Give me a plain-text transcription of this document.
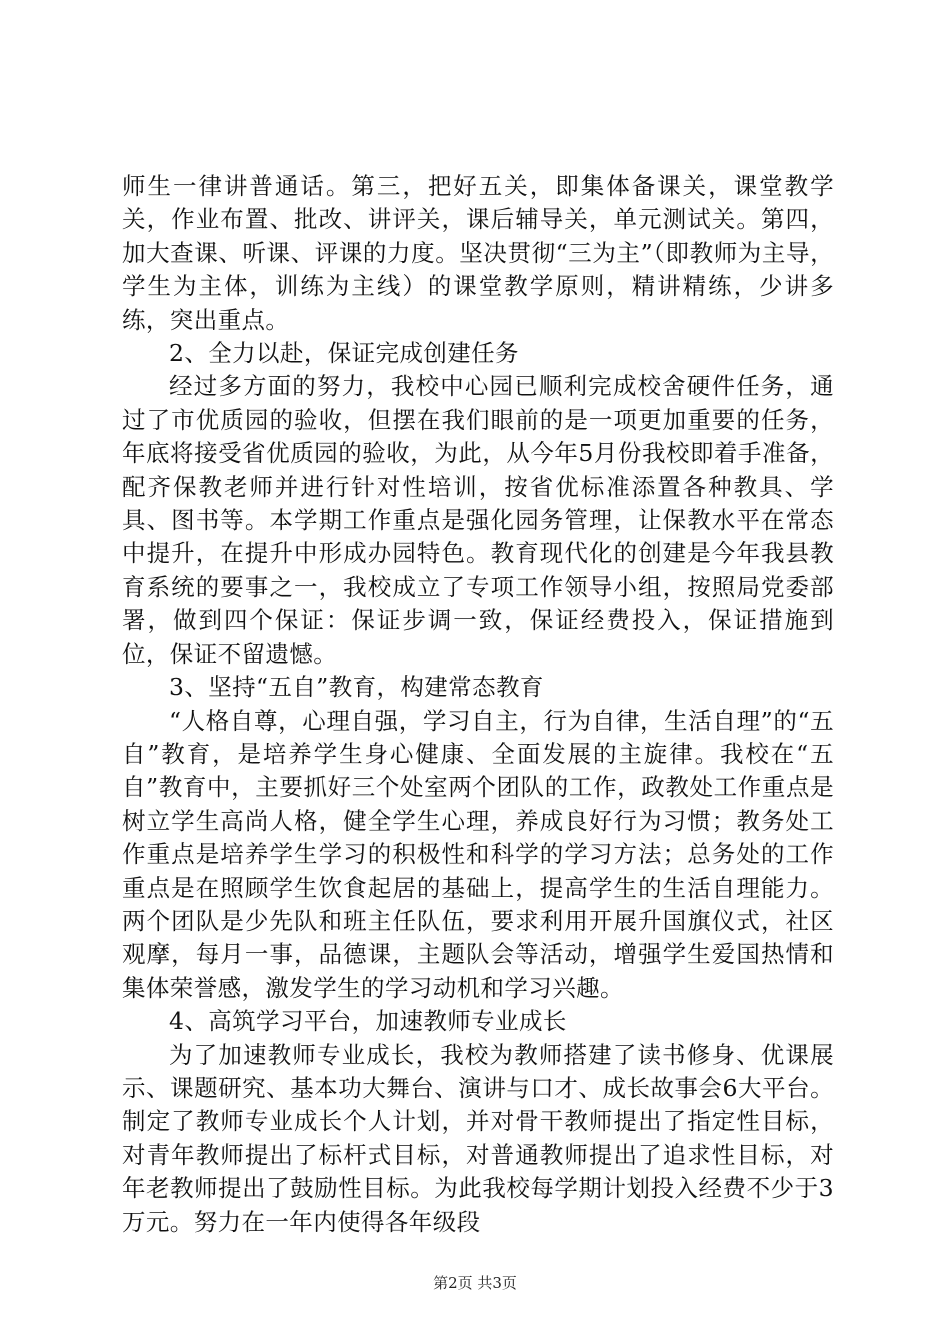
师生一律讲普通话。第三，把好五关，即集体备课关，课堂教学关，作业布置、批改、讲评关，课后辅导关，单元测试关。第四，加大查课、听课、评课的力度。坚决贯彻“三为主”（即教师为主导，学生为主体，训练为主线）的课堂教学原则，精讲精练，少讲多练，突出重点。

2、全力以赴，保证完成创建任务

经过多方面的努力，我校中心园已顺利完成校舍硬件任务，通过了市优质园的验收，但摆在我们眼前的是一项更加重要的任务，年底将接受省优质园的验收，为此，从今年5月份我校即着手准备，配齐保教老师并进行针对性培训，按省优标准添置各种教具、学具、图书等。本学期工作重点是强化园务管理，让保教水平在常态中提升，在提升中形成办园特色。教育现代化的创建是今年我县教育系统的要事之一，我校成立了专项工作领导小组，按照局党委部署，做到四个保证：保证步调一致，保证经费投入，保证措施到位，保证不留遗憾。

3、坚持“五自”教育，构建常态教育

“人格自尊，心理自强，学习自主，行为自律，生活自理”的“五自”教育，是培养学生身心健康、全面发展的主旋律。我校在“五自”教育中，主要抓好三个处室两个团队的工作，政教处工作重点是树立学生高尚人格，健全学生心理，养成良好行为习惯；教务处工作重点是培养学生学习的积极性和科学的学习方法；总务处的工作重点是在照顾学生饮食起居的基础上，提高学生的生活自理能力。两个团队是少先队和班主任队伍，要求利用开展升国旗仪式，社区观摩，每月一事，品德课，主题队会等活动，增强学生爱国热情和集体荣誉感，激发学生的学习动机和学习兴趣。

4、高筑学习平台，加速教师专业成长

为了加速教师专业成长，我校为教师搭建了读书修身、优课展示、课题研究、基本功大舞台、演讲与口才、成长故事会6大平台。制定了教师专业成长个人计划，并对骨干教师提出了指定性目标，对青年教师提出了标杆式目标，对普通教师提出了追求性目标，对年老教师提出了鼓励性目标。为此我校每学期计划投入经费不少于3万元。努力在一年内使得各年级段

第2页 共3页
